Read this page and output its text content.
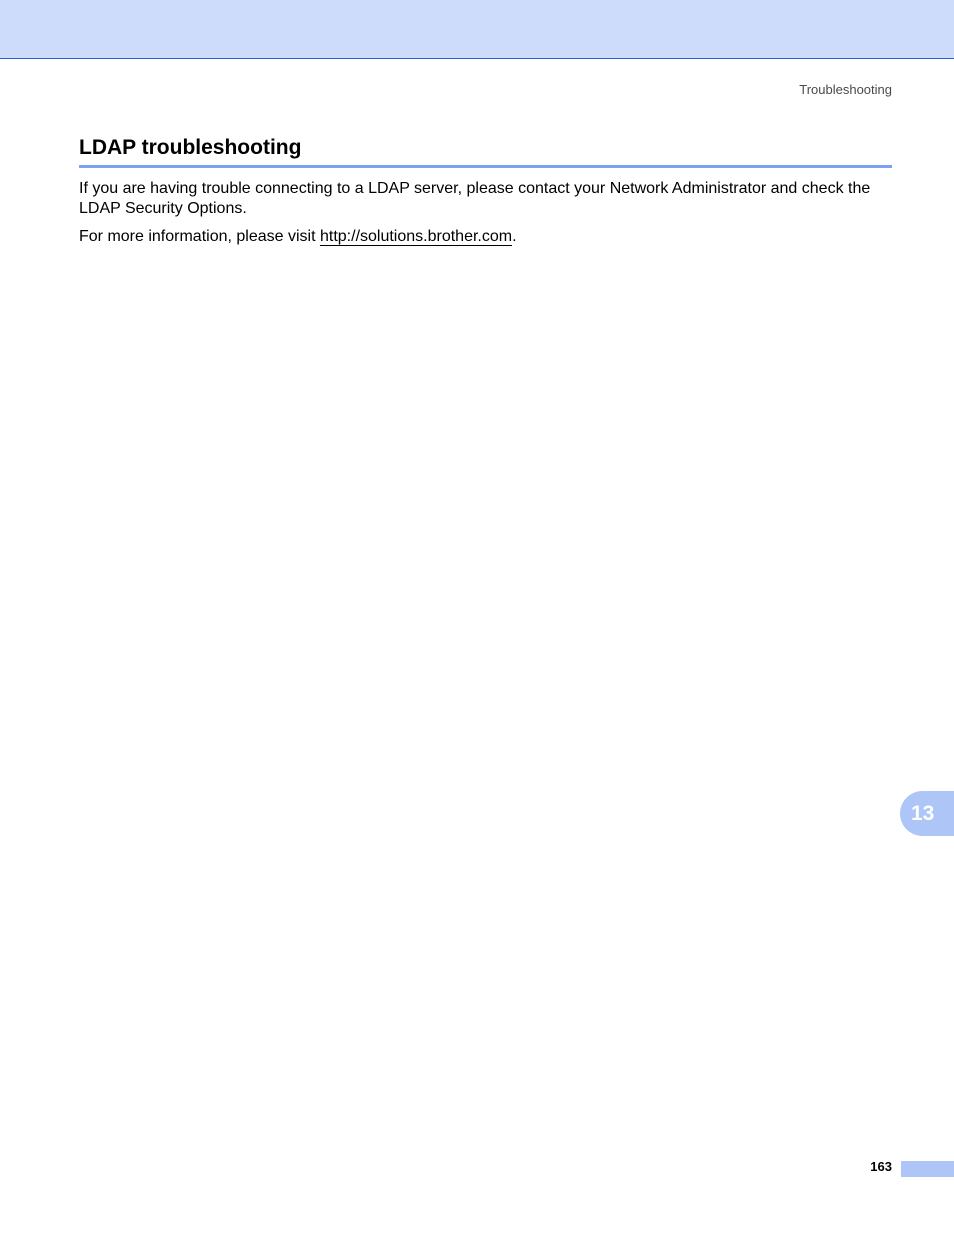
Troubleshooting
LDAP troubleshooting

If you are having trouble connecting to a LDAP server, please contact your Network Administrator and check the LDAP Security Options.

For more information, please visit http://solutions.brother.com.

13
163
